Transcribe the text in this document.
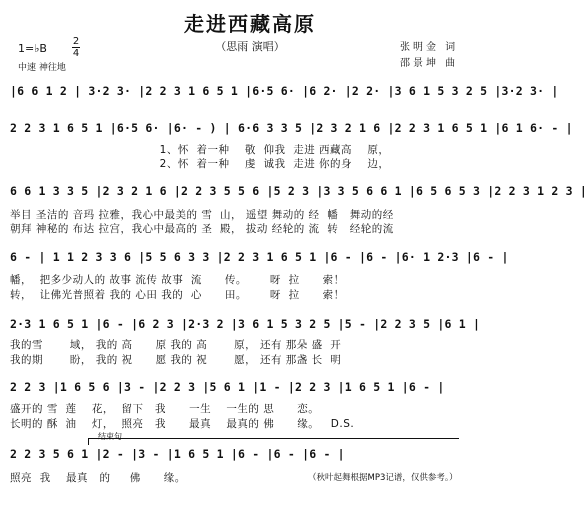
走进西藏高原
（思雨 演唱）
1=♭B
2
4
中速 神往地
张明金 词
邵景坤 曲
|6 6 1 2 | 3·2 3· |2 2 3 1 6 5 1 |6·5 6· |6 2· |2 2· |3 6 1 5 3 2 5 |3·2 3· |
2 2 3 1 6 5 1 |6·5 6· |6· - ) | 6·6 3 3 5 |2 3 2 1 6 |2 2 3 1 6 5 1 |6 1 6· - |
1、怀  着一种    敬  仰我  走进 西藏高    原，
2、怀  着一种    虔  诚我  走进 你的身    边，
6 6 1 3 3 5 |2 3 2 1 6 |2 2 3 5 5 6 |5 2 3 |3 3 5 6 6 1 |6 5 6 5 3 |2 2 3 1 2 3 |
举目 圣洁的 音玛 拉雅，我心中最美的 雪  山， 遥望 舞动的 经  幡   舞动的经
朝拜 神秘的 布达 拉宫，我心中最高的 圣  殿， 拔动 经轮的 流  转   经轮的流
6 - | 1 1 2 3 3 6 |5 5 6 3 3 |2 2 3 1 6 5 1 |6 - |6 - |6· 1 2·3 |6 - |
幡，  把多少动人的 故事 流传 故事  流      传。      呀  拉      索！
转，  让佛光普照着 我的 心田 我的  心      田。      呀  拉      索！
2·3 1 6 5 1 |6 - |6 2 3 |2·3 2 |3 6 1 5 3 2 5 |5 - |2 2 3 5 |6 1 |
我的雪       域， 我的 高      原 我的 高       原， 还有 那朵 盛  开
我的期       盼， 我的 祝      愿 我的 祝       愿， 还有 那盏 长  明
2 2 3 |1 6 5 6 |3 - |2 2 3 |5 6 1 |1 - |2 2 3 |1 6 5 1 |6 - |
盛开的 雪  莲    花，  留下   我      一生    一生的 思      恋。
长明的 酥  油    灯，  照亮   我      最真    最真的 佛      缘。   D.S.
结束句
2 2 3 5 6 1 |2 - |3 - |1 6 5 1 |6 - |6 - |6 - |
照亮  我    最真   的     佛      缘。	（秋叶起舞根据MP3记谱，仅供参考。）
